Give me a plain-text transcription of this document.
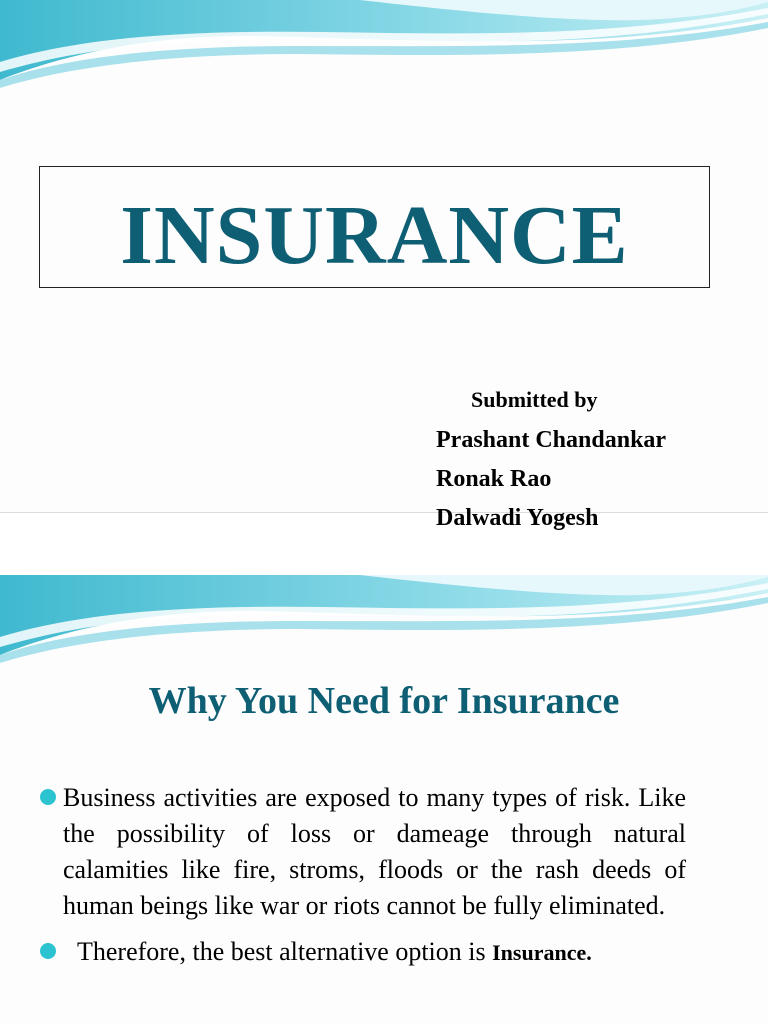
INSURANCE
Submitted by
Prashant Chandankar
Ronak Rao
Dalwadi Yogesh
Why You Need for Insurance
Business activities are exposed to many types of risk. Like the possibility of loss or dameage through natural calamities like fire, stroms, floods or the rash deeds of human beings like war or riots cannot be fully eliminated.
Therefore, the best alternative option is Insurance.
